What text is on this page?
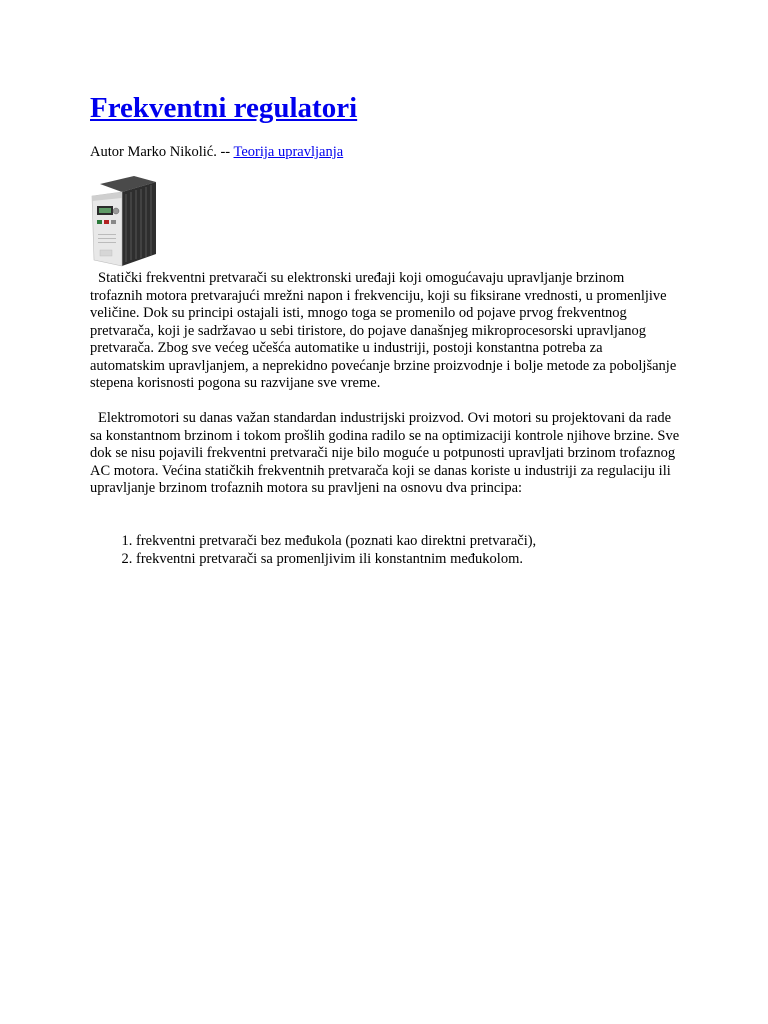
Frekventni regulatori
Autor Marko Nikolić. -- Teorija upravljanja

Statički frekventni pretvarači su elektronski uređaji koji omogućavaju upravljanje brzinom trofaznih motora pretvarajući mrežni napon i frekvenciju, koji su fiksirane vrednosti, u promenljive veličine. Dok su principi ostajali isti, mnogo toga se promenilo od pojave prvog frekventnog pretvarača, koji je sadržavao u sebi tiristore, do pojave današnjeg mikroprocesorski upravljanog pretvarača. Zbog sve većeg učešća automatike u industriji, postoji konstantna potreba za automatskim upravljanjem, a neprekidno povećanje brzine proizvodnje i bolje metode za poboljšanje stepena korisnosti pogona su razvijane sve vreme.

Elektromotori su danas važan standardan industrijski proizvod. Ovi motori su projektovani da rade sa konstantnom brzinom i tokom prošlih godina radilo se na optimizaciji kontrole njihove brzine. Sve dok se nisu pojavili frekventni pretvarači nije bilo moguće u potpunosti upravljati brzinom trofaznog AC motora. Većina statičkih frekventnih pretvarača koji se danas koriste u industriji za regulaciju ili upravljanje brzinom trofaznih motora su pravljeni na osnovu dva principa:

1. frekventni pretvarači bez međukola (poznati kao direktni pretvarači),
2. frekventni pretvarači sa promenljivim ili konstantnim međukolom.
